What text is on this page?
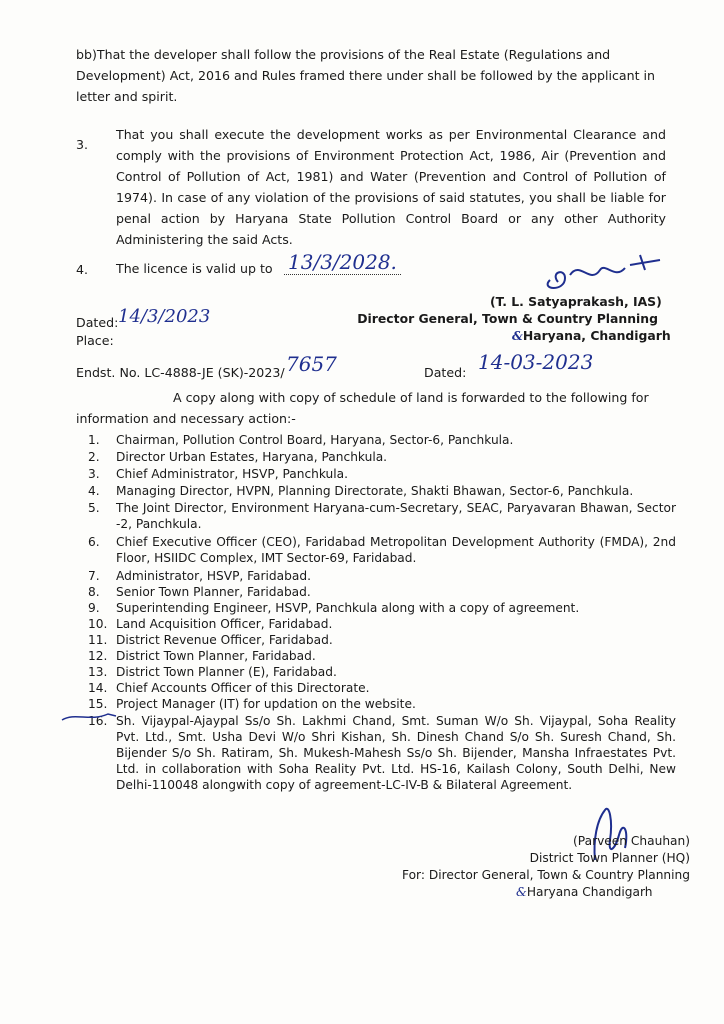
bb)That the developer shall follow the provisions of the Real Estate (Regulations and Development) Act, 2016 and Rules framed there under shall be followed by the applicant in letter and spirit.
3.
That you shall execute the development works as per Environmental Clearance and comply with the provisions of Environment Protection Act, 1986, Air (Prevention and Control of Pollution of Act, 1981) and Water (Prevention and Control of Pollution of 1974). In case of any violation of the provisions of said statutes, you shall be liable for penal action by Haryana State Pollution Control Board or any other Authority Administering the said Acts.
4. The licence is valid up to 13/3/2028.
(T. L. Satyaprakash, IAS)
Director General, Town & Country Planning
&Haryana, Chandigarh
Dated: 14/3/2023
Place:
Endst. No. LC-4888-JE (SK)-2023/ 7657	Dated: 14-03-2023
A copy along with copy of schedule of land is forwarded to the following for
information and necessary action:-
1.	Chairman, Pollution Control Board, Haryana, Sector-6, Panchkula.
2.	Director Urban Estates, Haryana, Panchkula.
3.	Chief Administrator, HSVP, Panchkula.
4.	Managing Director, HVPN, Planning Directorate, Shakti Bhawan, Sector-6, Panchkula.
5.	The Joint Director, Environment Haryana-cum-Secretary, SEAC, Paryavaran Bhawan, Sector -2, Panchkula.
6.	Chief Executive Officer (CEO), Faridabad Metropolitan Development Authority (FMDA), 2nd Floor, HSIIDC Complex, IMT Sector-69, Faridabad.
7.	Administrator, HSVP, Faridabad.
8.	Senior Town Planner, Faridabad.
9.	Superintending Engineer, HSVP, Panchkula along with a copy of agreement.
10. Land Acquisition Officer, Faridabad.
11. District Revenue Officer, Faridabad.
12. District Town Planner, Faridabad.
13. District Town Planner (E), Faridabad.
14. Chief Accounts Officer of this Directorate.
15. Project Manager (IT) for updation on the website.
16. Sh. Vijaypal-Ajaypal Ss/o Sh. Lakhmi Chand, Smt. Suman W/o Sh. Vijaypal, Soha Reality Pvt. Ltd., Smt. Usha Devi W/o Shri Kishan, Sh. Dinesh Chand S/o Sh. Suresh Chand, Sh. Bijender S/o Sh. Ratiram, Sh. Mukesh-Mahesh Ss/o Sh. Bijender, Mansha Infraestates Pvt. Ltd. in collaboration with Soha Reality Pvt. Ltd. HS-16, Kailash Colony, South Delhi, New Delhi-110048 alongwith copy of agreement-LC-IV-B & Bilateral Agreement.
(Parveen Chauhan)
District Town Planner (HQ)
For: Director General, Town & Country Planning
&Haryana Chandigarh
